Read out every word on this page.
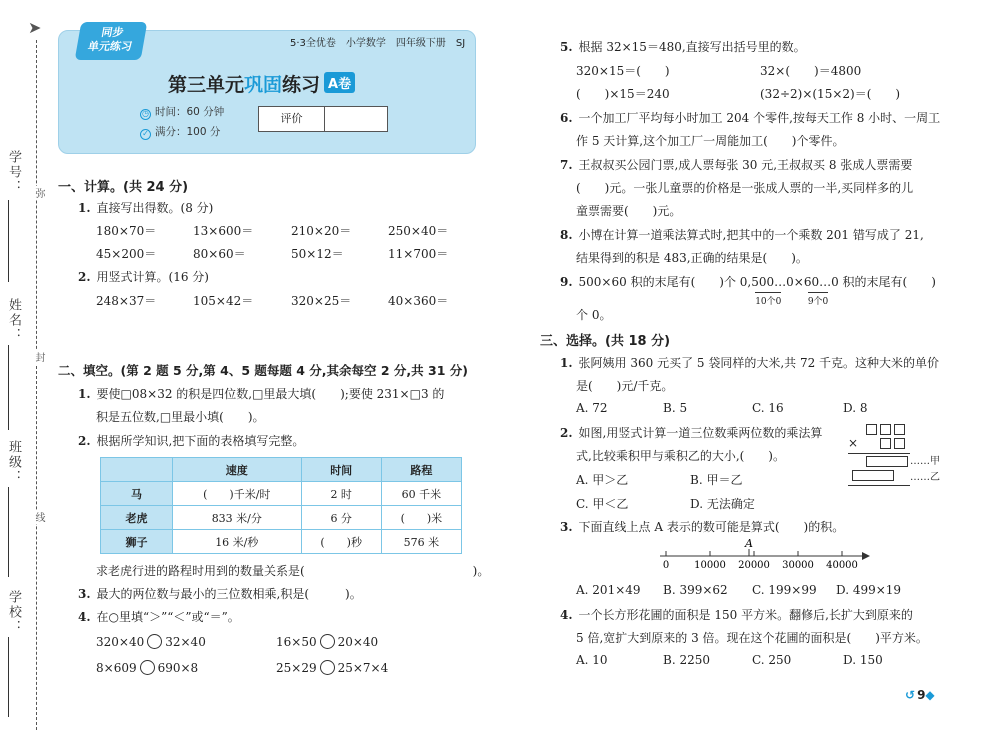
➤
学号：
姓名：
班级：
学校：
弥
封
线
同步
单元练习	5·3全优卷　小学数学　四年级下册　SJ
第三单元巩固练习 A卷
◷ 时间：60 分钟
✓ 满分：100 分
评价
一、计算。(共 24 分)
1. 直接写出得数。(8 分)
180×70＝	13×600＝	210×20＝	250×40＝
45×200＝	80×60＝	50×12＝	11×700＝
2. 用竖式计算。(16 分)
248×37＝	105×42＝	320×25＝	40×360＝
二、填空。(第 2 题 5 分,第 4、5 题每题 4 分,其余每空 2 分,共 31 分)
1. 要使□08×32 的积是四位数,□里最大填(　　);要使 231×□3 的
积是五位数,□里最小填(　　)。
2. 根据所学知识,把下面的表格填写完整。
	速度	时间	路程
马	(　　)千米/时	2 时	60 千米
老虎	833 米/分	6 分	(　　)米
狮子	16 米/秒	(　　)秒	576 米
求老虎行进的路程时用到的数量关系是(　　　　　　　　　　　　　　)。
3. 最大的两位数与最小的三位数相乘,积是(　　　)。
4. 在○里填“＞”“＜”或“＝”。
320×40 32×40	16×50 20×40
8×609 690×8	25×29 25×7×4
5. 根据 32×15＝480,直接写出括号里的数。
320×15＝(　　)	32×(　　)＝4800
(　　)×15＝240	(32÷2)×(15×2)＝(　　)
6. 一个加工厂平均每小时加工 204 个零件,按每天工作 8 小时、一周工
作 5 天计算,这个加工厂一周能加工(　　)个零件。
7. 王叔叔买公园门票,成人票每张 30 元,王叔叔买 8 张成人票需要
(　　)元。一张儿童票的价格是一张成人票的一半,买同样多的儿
童票需要(　　)元。
8. 小博在计算一道乘法算式时,把其中的一个乘数 201 错写成了 21,
结果得到的积是 483,正确的结果是(　　)。
9. 500×60 积的末尾有(　　)个 0,500…0
10个0
×60…0
9个0
积的末尾有(　　)
个 0。
三、选择。(共 18 分)
1. 张阿姨用 360 元买了 5 袋同样的大米,共 72 千克。这种大米的单价
是(　　)元/千克。
A. 72	B. 5	C. 16	D. 8
2. 如图,用竖式计算一道三位数乘两位数的乘法算
式,比较乘积甲与乘积乙的大小,(　　)。
A. 甲＞乙	B. 甲＝乙
C. 甲＜乙	D. 无法确定
×
……甲
……乙
3. 下面直线上点 A 表示的数可能是算式(　　)的积。
A
0 10000 20000 30000 40000
A. 201×49 B. 399×62 C. 199×99 D. 499×19
4. 一个长方形花圃的面积是 150 平方米。翻修后,长扩大到原来的
5 倍,宽扩大到原来的 3 倍。现在这个花圃的面积是(　　)平方米。
A. 10	B. 2250	C. 250	D. 150
↺ 9◆
